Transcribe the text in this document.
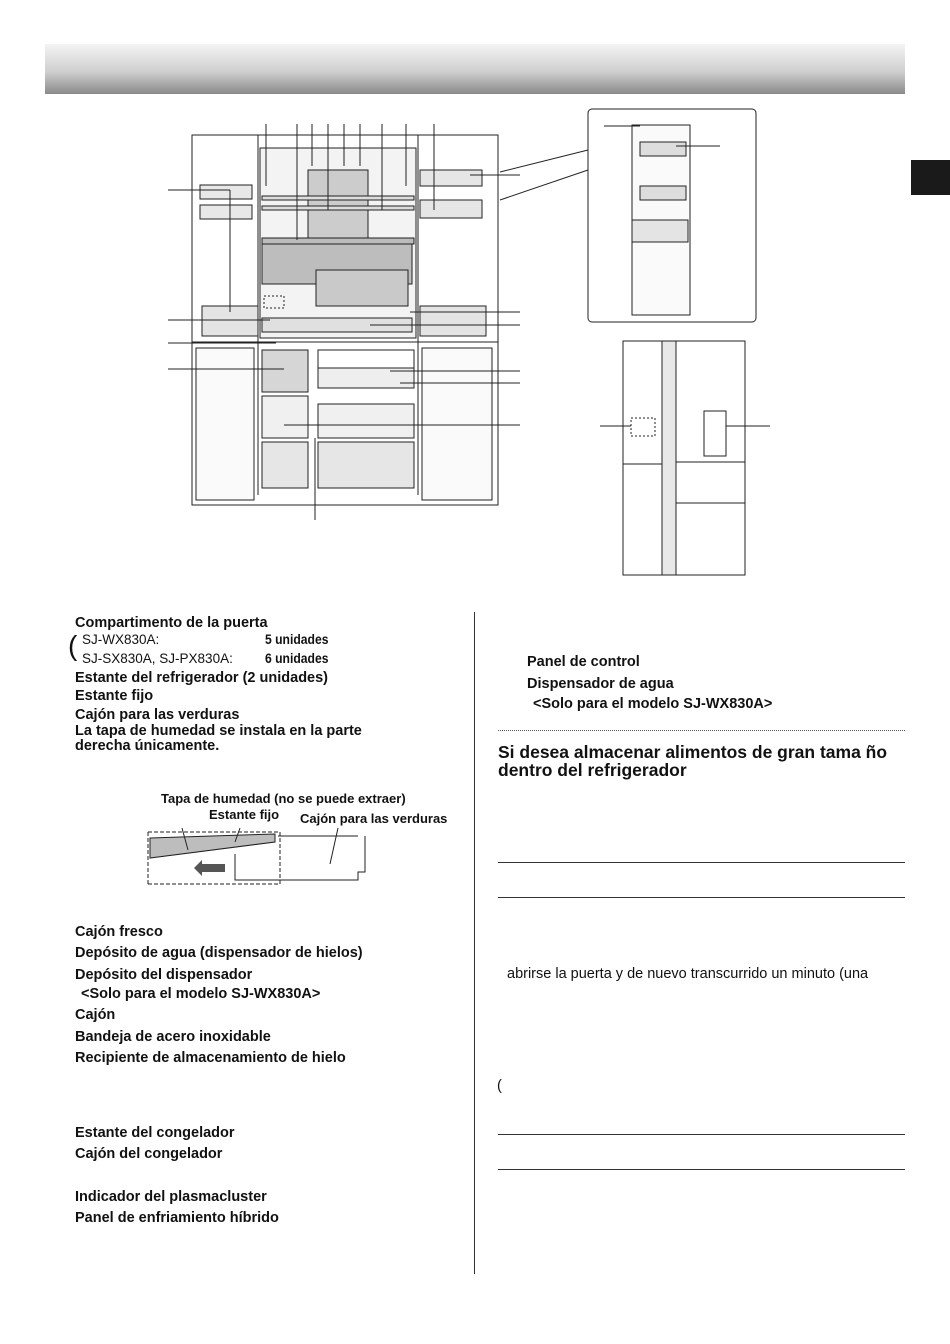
Compartimento de la puerta
( SJ-WX830A:	5 unidades
SJ-SX830A, SJ-PX830A: 6 unidades
Estante del refrigerador (2 unidades)
Estante fijo
Cajón para las verduras
La tapa de humedad se instala en la parte
derecha únicamente.
Tapa de humedad (no se puede extraer)
Estante fijo Cajón para las verduras
Cajón fresco
Depósito de agua (dispensador de hielos)
Depósito del dispensador
<Solo para el modelo SJ-WX830A>
Cajón
Bandeja de acero inoxidable
Recipiente de almacenamiento de hielo
Estante del congelador
Cajón del congelador
Indicador del plasmacluster
Panel de enfriamiento híbrido
Panel de control
Dispensador de agua
<Solo para el modelo SJ-WX830A>
Si desea almacenar alimentos de gran tama ño dentro del refrigerador
abrirse la puerta y de nuevo transcurrido un minuto (una
(
